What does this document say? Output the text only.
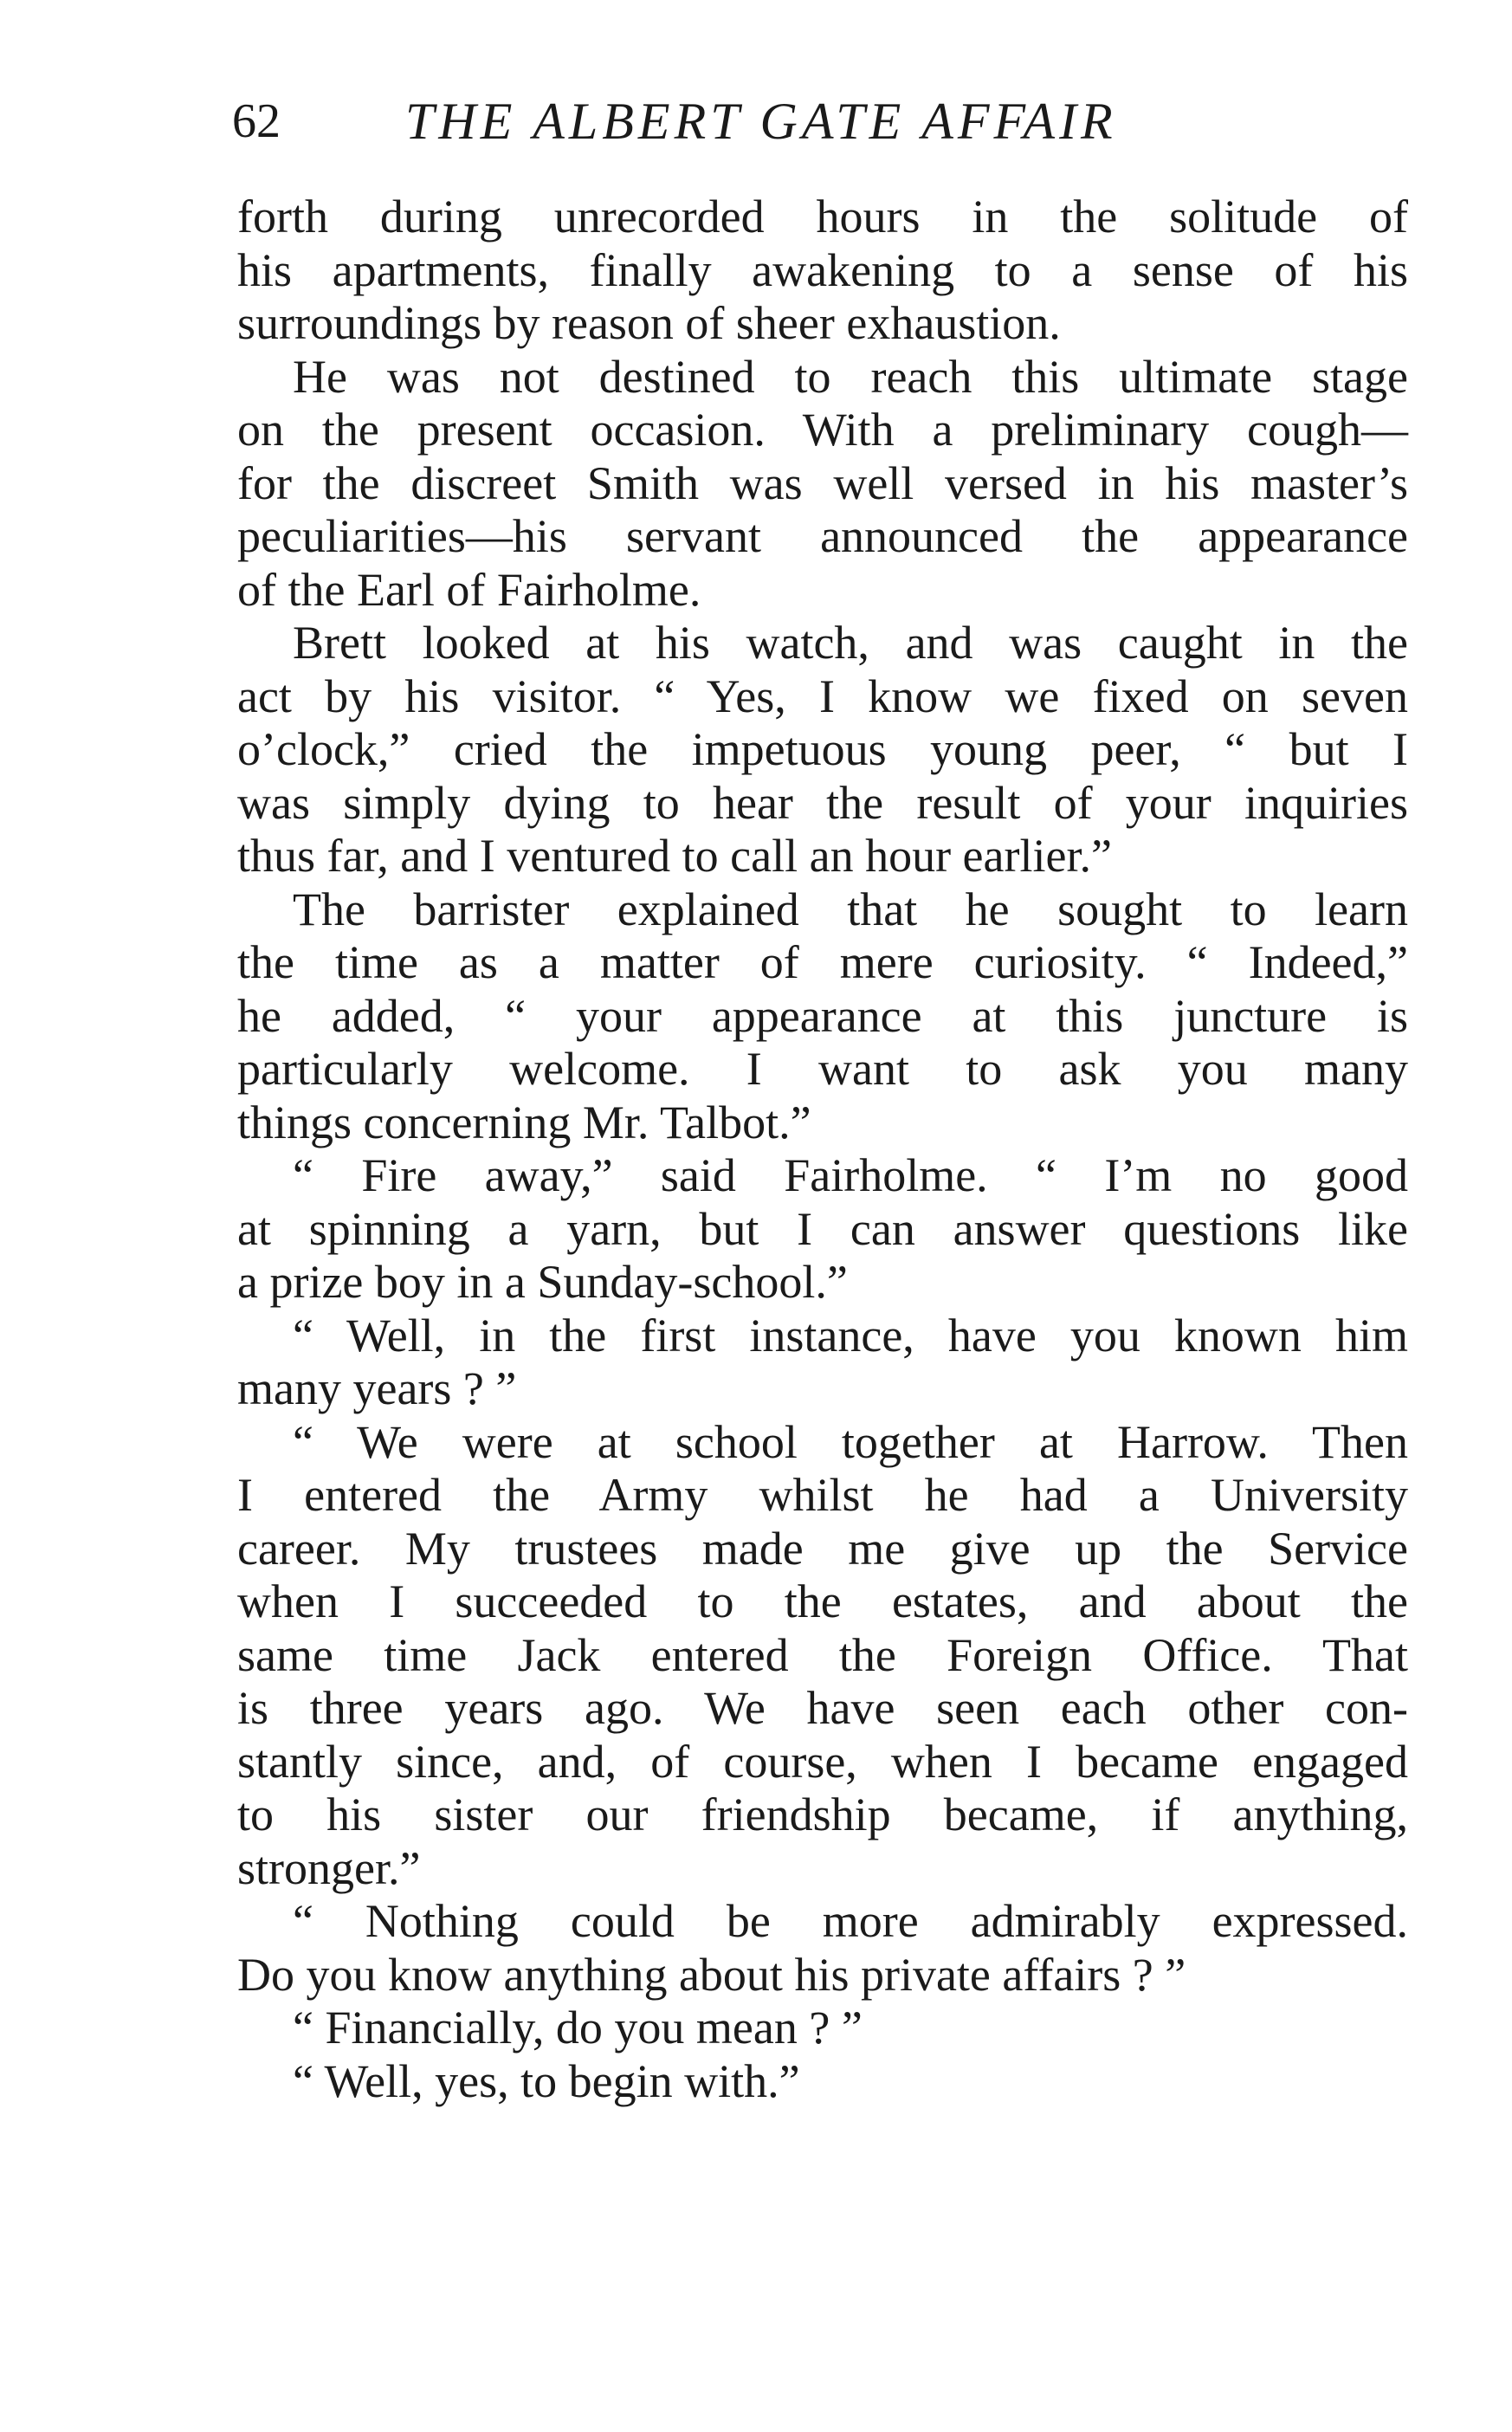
62 THE ALBERT GATE AFFAIR
forth during unrecorded hours in the solitude of
his apartments, finally awakening to a sense of his
surroundings by reason of sheer exhaustion.
He was not destined to reach this ultimate stage
on the present occasion. With a preliminary cough—
for the discreet Smith was well versed in his master’s
peculiarities—his servant announced the appearance
of the Earl of Fairholme.
Brett looked at his watch, and was caught in the
act by his visitor. “ Yes, I know we fixed on seven
o’clock,” cried the impetuous young peer, “ but I
was simply dying to hear the result of your inquiries
thus far, and I ventured to call an hour earlier.”
The barrister explained that he sought to learn
the time as a matter of mere curiosity. “ Indeed,”
he added, “ your appearance at this juncture is
particularly welcome. I want to ask you many
things concerning Mr. Talbot.”
“ Fire away,” said Fairholme. “ I’m no good
at spinning a yarn, but I can answer questions like
a prize boy in a Sunday-school.”
“ Well, in the first instance, have you known him
many years ? ”
“ We were at school together at Harrow. Then
I entered the Army whilst he had a University
career. My trustees made me give up the Service
when I succeeded to the estates, and about the
same time Jack entered the Foreign Office. That
is three years ago. We have seen each other con-
stantly since, and, of course, when I became engaged
to his sister our friendship became, if anything,
stronger.”
“ Nothing could be more admirably expressed.
Do you know anything about his private affairs ? ”
“ Financially, do you mean ? ”
“ Well, yes, to begin with.”
